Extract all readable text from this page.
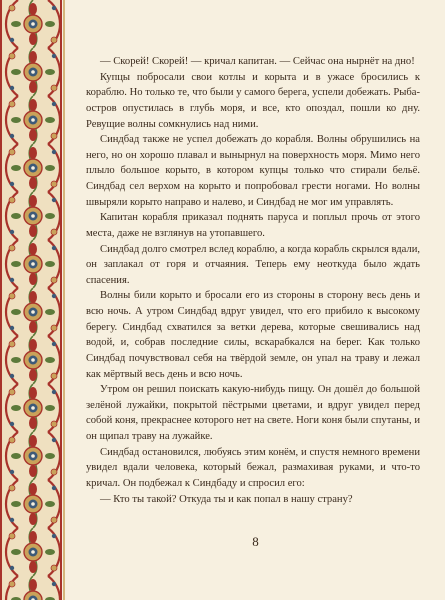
— Скорей! Скорей! — кричал капитан. — Сейчас она нырнёт на дно!

Купцы побросали свои котлы и корыта и в ужасе бросились к кораблю. Но только те, что были у самого берега, успели добежать. Рыба-остров опустилась в глубь моря, и все, кто опоздал, пошли ко дну. Ревущие волны сомкнулись над ними.

Синдбад также не успел добежать до корабля. Волны обрушились на него, но он хорошо плавал и вынырнул на поверхность моря. Мимо него плыло большое корыто, в котором купцы только что стирали бельё. Синдбад сел верхом на корыто и попробовал грести ногами. Но волны швыряли корыто направо и налево, и Синдбад не мог им управлять.

Капитан корабля приказал поднять паруса и поплыл прочь от этого места, даже не взглянув на утопавшего.

Синдбад долго смотрел вслед кораблю, а когда корабль скрылся вдали, он заплакал от горя и отчаяния. Теперь ему неоткуда было ждать спасения.

Волны били корыто и бросали его из стороны в сторону весь день и всю ночь. А утром Синдбад вдруг увидел, что его прибило к высокому берегу. Синдбад схватился за ветки дерева, которые свешивались над водой, и, собрав последние силы, вскарабкался на берег. Как только Синдбад почувствовал себя на твёрдой земле, он упал на траву и лежал как мёртвый весь день и всю ночь.

Утром он решил поискать какую-нибудь пищу. Он дошёл до большой зелёной лужайки, покрытой пёстрыми цветами, и вдруг увидел перед собой коня, прекраснее которого нет на свете. Ноги коня были спутаны, и он щипал траву на лужайке.

Синдбад остановился, любуясь этим конём, и спустя немного времени увидел вдали человека, который бежал, размахивая руками, и что-то кричал. Он подбежал к Синдбаду и спросил его:

— Кто ты такой? Откуда ты и как попал в нашу страну?

8
